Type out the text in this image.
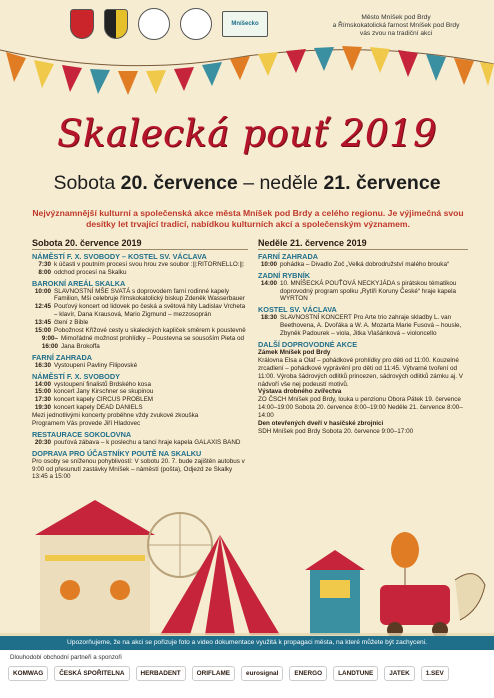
Mníšecko
Město Mníšek pod Brdy
a Římskokatolická farnost Mníšek pod Brdy
vás zvou na tradiční akci
Skalecká pouť 2019
Sobota 20. července – neděle 21. července
Nejvýznamnější kulturní a společenská akce města Mníšek pod Brdy a celého regionu. Je výjimečná svou desítky let trvající tradicí, nabídkou kulturních akcí a společenským významem.
Sobota 20. července 2019
NÁMĚSTÍ F. X. SVOBODY – KOSTEL SV. VÁCLAVA
7:30 k účasti v poutním procesí svou hrou zve soubor :||:RITORNELLO:||:
8:00 odchod procesí na Skalku
BAROKNÍ AREÁL SKALKA
10:00 SLAVNOSTNÍ MŠE SVATÁ s doprovodem farní rodinné kapely Familion, Mši celebruje římskokatolický biskup Zdeněk Wasserbauer
12:45 Pouťový koncert od lidovek po česká a světová hity Ladislav Vrcheta – klavír, Dana Krausová, Mario Zigmund – mezzosoprán
13:45 čtení z Bible
15:00 Pobožnost Křížové cesty u skaleckých kapliček směrem k poustevně
9:00–16:00
Mimořádné možnost prohlídky – Poustevna se sousoším Pieta od Jana Brokoffa
FARNÍ ZAHRADA
16:30 Vystoupení Pavliny Filipovské
NÁMĚSTÍ F. X. SVOBODY
14:00 vystoupení finalistů Brdského kosa
15:00 koncert Jany Kirschner se skupinou
17:30 koncert kapely CIRCUS PROBLEM
19:30 koncert kapely DEAD DANIELS
Mezi jednotlivými koncerty proběhne vždy zvukové zkouška
Programem Vás provede Jiří Hladovec
RESTAURACE SOKOLOVNA
20:30 pouťová zábava – k poslechu a tanci hraje kapela GALAXIS BAND
DOPRAVA PRO ÚČASTNÍKY POUTĚ NA SKALKU
Pro osoby se sníženou pohyblivostí: V sobotu 20. 7. bude zajištěn autobus v 9:00 od přesunutí zastávky Mníšek – náměstí (pošta), Odjezd ze Skalky 13:45 a 15:00
Neděle 21. července 2019
FARNÍ ZAHRADA
10:00 pohádka – Divadlo Zoč „Velká dobrodružství malého brouka“
ZADNÍ RYBNÍK
14:00 10. MNÍŠECKÁ POUŤOVÁ NECKYJÁDA s pirátskou tématikou doprovodný program spolku „Rytíři Koruny České“ hraje kapela WYRTON
KOSTEL SV. VÁCLAVA
18:30 SLAVNOSTNÍ KONCERT Pro Arte trio zahraje skladby L. van Beethovena, A. Dvořáka a W. A. Mozarta Marie Fusová – housle, Zbyněk Padourek – viola, Jitka Vlašánková – violoncello
DALŠÍ DOPROVODNÉ AKCE
Zámek Mníšek pod Brdy
Královna Elsa a Olaf – pohádkové prohlídky pro děti od 11:00. Kouzelné zrcadlení – pohádkové vyprávění pro děti od 11:45. Výtvarné tvoření od 11:00. Výroba šádrových odlitků princezen, sádrových odlitků zámku aj. V nádvoří vše nej podeustí motivů.
Výstava drobného zvířectva
ZO ČSCH Mníšek pod Brdy, louka u penzionu Obora Pátek 19. července 14:00–19:00 Sobota 20. července 8:00–19:00 Neděle 21. července 8:00–14:00
Den otevřených dveří v hasičské zbrojnici
SDH Mníšek pod Brdy Sobota 20. července 9:00–17:00
Upozorňujeme, že na akci se pořizuje foto a video dokumentace využitá k propagaci města, na které můžete být zachyceni.
Dlouhodobí obchodní partneři a sponzoři
KOMWAG	ČESKÁ SPOŘITELNA	HERBADENT	ORIFLAME	eurosignal	ENERGO	LANDTUNE	JATEK	1.SEV
